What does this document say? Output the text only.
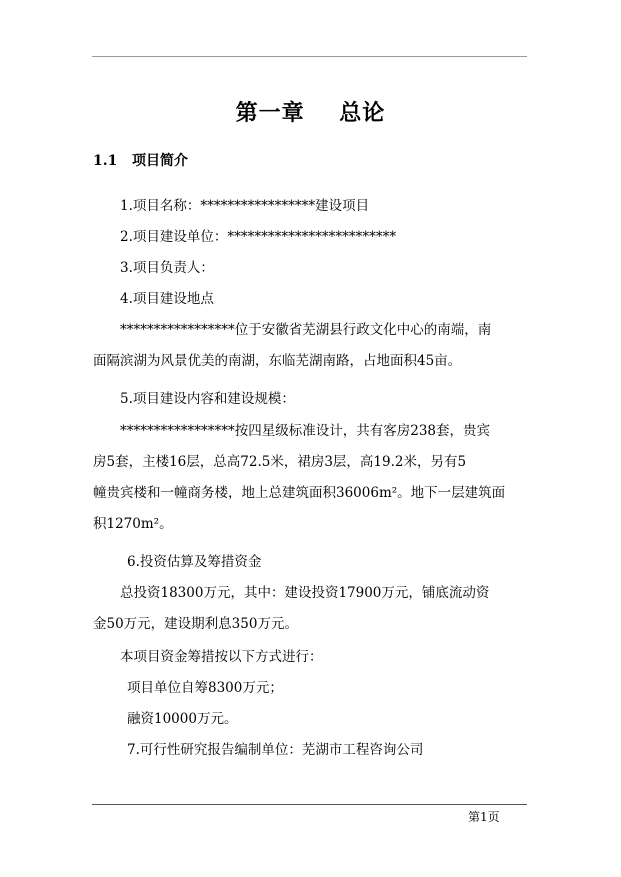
第一章    总论
1.1   项目简介
1.项目名称：*****************建设项目
2.项目建设单位：*************************
3.项目负责人：
4.项目建设地点
*****************位于安徽省芜湖县行政文化中心的南端，南
面隔滨湖为风景优美的南湖，东临芜湖南路，占地面积45亩。
5.项目建设内容和建设规模：
*****************按四星级标准设计，共有客房238套，贵宾
房5套，主楼16层，总高72.5米，裙房3层，高19.2米，另有5
幢贵宾楼和一幢商务楼，地上总建筑面积36006m²。地下一层建筑面
积1270m²。
6.投资估算及筹措资金
总投资18300万元，其中：建设投资17900万元，铺底流动资
金50万元，建设期利息350万元。
本项目资金筹措按以下方式进行：
项目单位自筹8300万元；
融资10000万元。
7.可行性研究报告编制单位：芜湖市工程咨询公司
第1页
